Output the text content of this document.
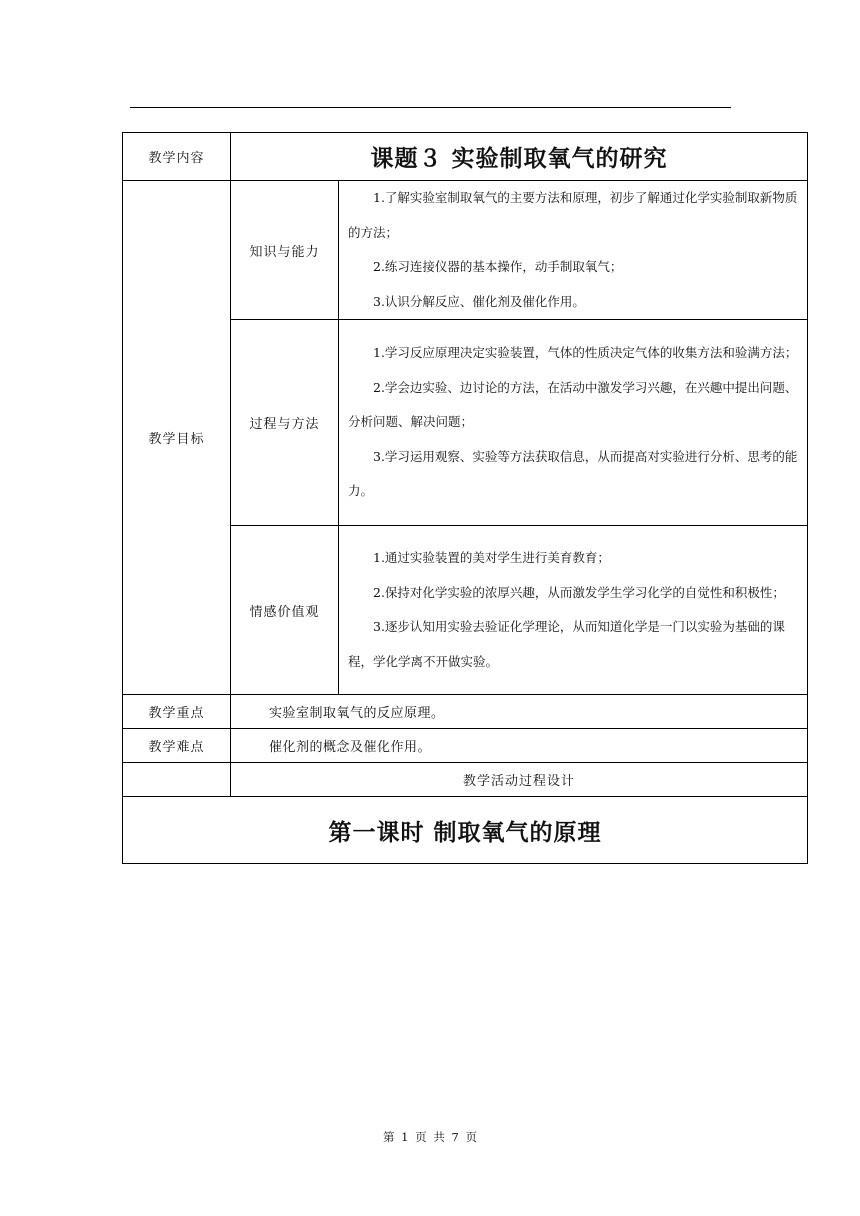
教学内容	课题３ 实验制取氧气的研究	
教学目标	知识与能力	1.了解实验室制取氧气的主要方法和原理，初步了解通过化学实验制取新物质的方法；

2.练习连接仪器的基本操作，动手制取氧气；

3.认识分解反应、催化剂及催化作用。

	过程与方法	1.学习反应原理决定实验装置，气体的性质决定气体的收集方法和验满方法；

2.学会边实验、边讨论的方法，在活动中激发学习兴趣，在兴趣中提出问题、分析问题、解决问题；

3.学习运用观察、实验等方法获取信息，从而提高对实验进行分析、思考的能力。

	情感价值观	1.通过实验装置的美对学生进行美育教育；

2.保持对化学实验的浓厚兴趣，从而激发学生学习化学的自觉性和积极性；

3.逐步认知用实验去验证化学理论，从而知道化学是一门以实验为基础的课程，学化学离不开做实验。

教学重点	实验室制取氧气的反应原理。	
教学难点	催化剂的概念及催化作用。	
	教学活动过程设计	
第一课时 制取氧气的原理		
第 1 页 共 7 页
